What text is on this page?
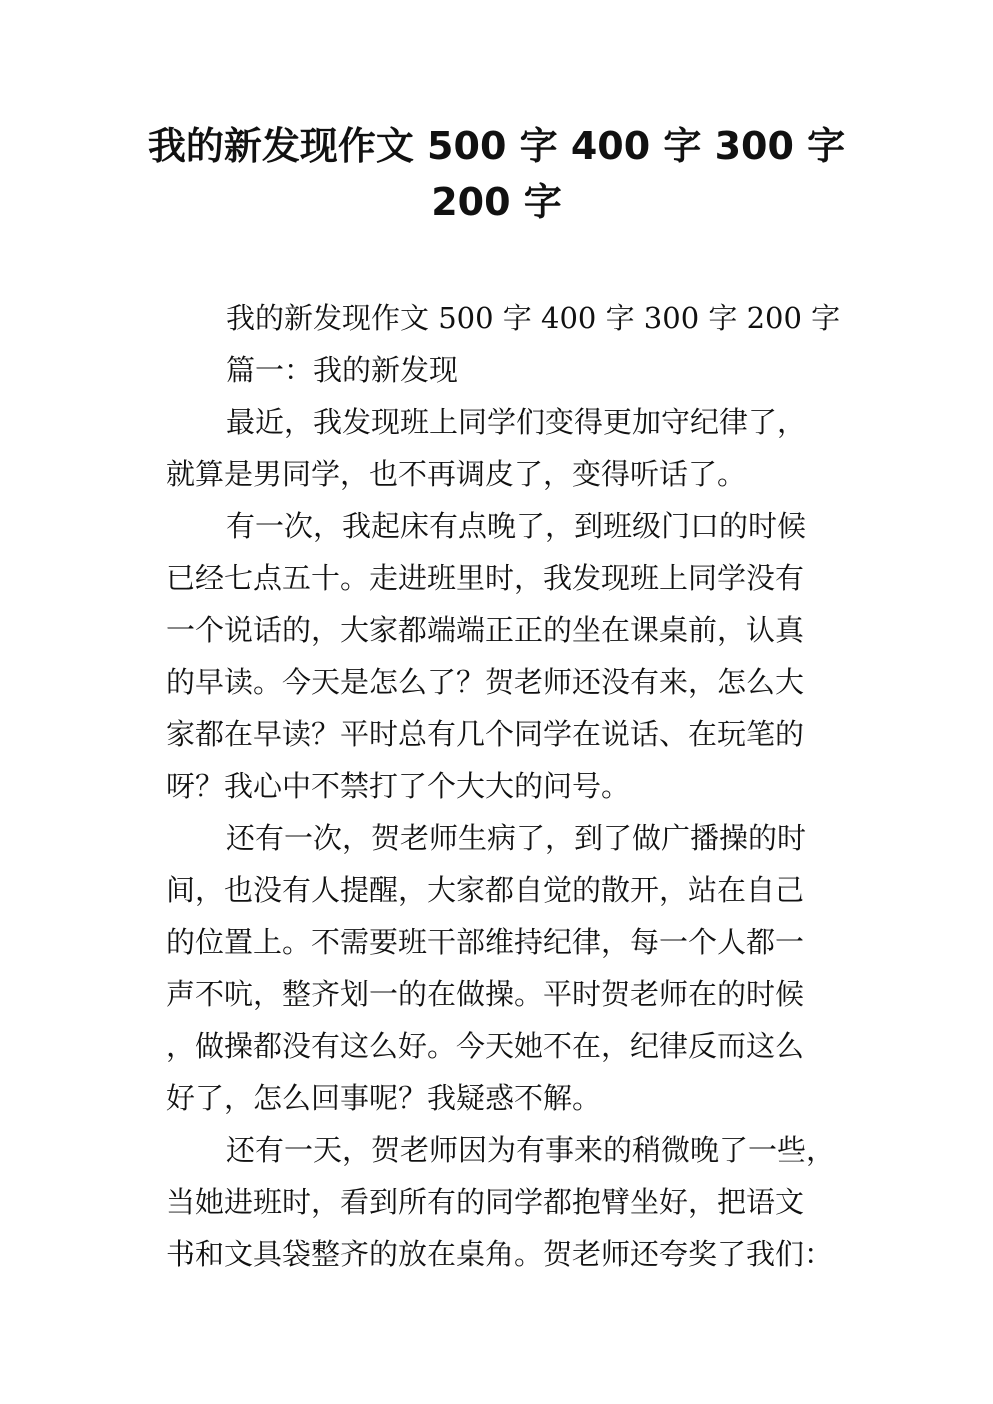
我的新发现作文 500 字 400 字 300 字
200 字

我的新发现作文 500 字 400 字 300 字 200 字

篇一：我的新发现

最近，我发现班上同学们变得更加守纪律了，
就算是男同学，也不再调皮了，变得听话了。

有一次，我起床有点晚了，到班级门口的时候
已经七点五十。走进班里时，我发现班上同学没有
一个说话的，大家都端端正正的坐在课桌前，认真
的早读。今天是怎么了？贺老师还没有来，怎么大
家都在早读？平时总有几个同学在说话、在玩笔的
呀？我心中不禁打了个大大的问号。

还有一次，贺老师生病了，到了做广播操的时
间，也没有人提醒，大家都自觉的散开，站在自己
的位置上。不需要班干部维持纪律，每一个人都一
声不吭，整齐划一的在做操。平时贺老师在的时候
，做操都没有这么好。今天她不在，纪律反而这么
好了，怎么回事呢？我疑惑不解。

还有一天，贺老师因为有事来的稍微晚了一些，
当她进班时，看到所有的同学都抱臂坐好，把语文
书和文具袋整齐的放在桌角。贺老师还夸奖了我们：
